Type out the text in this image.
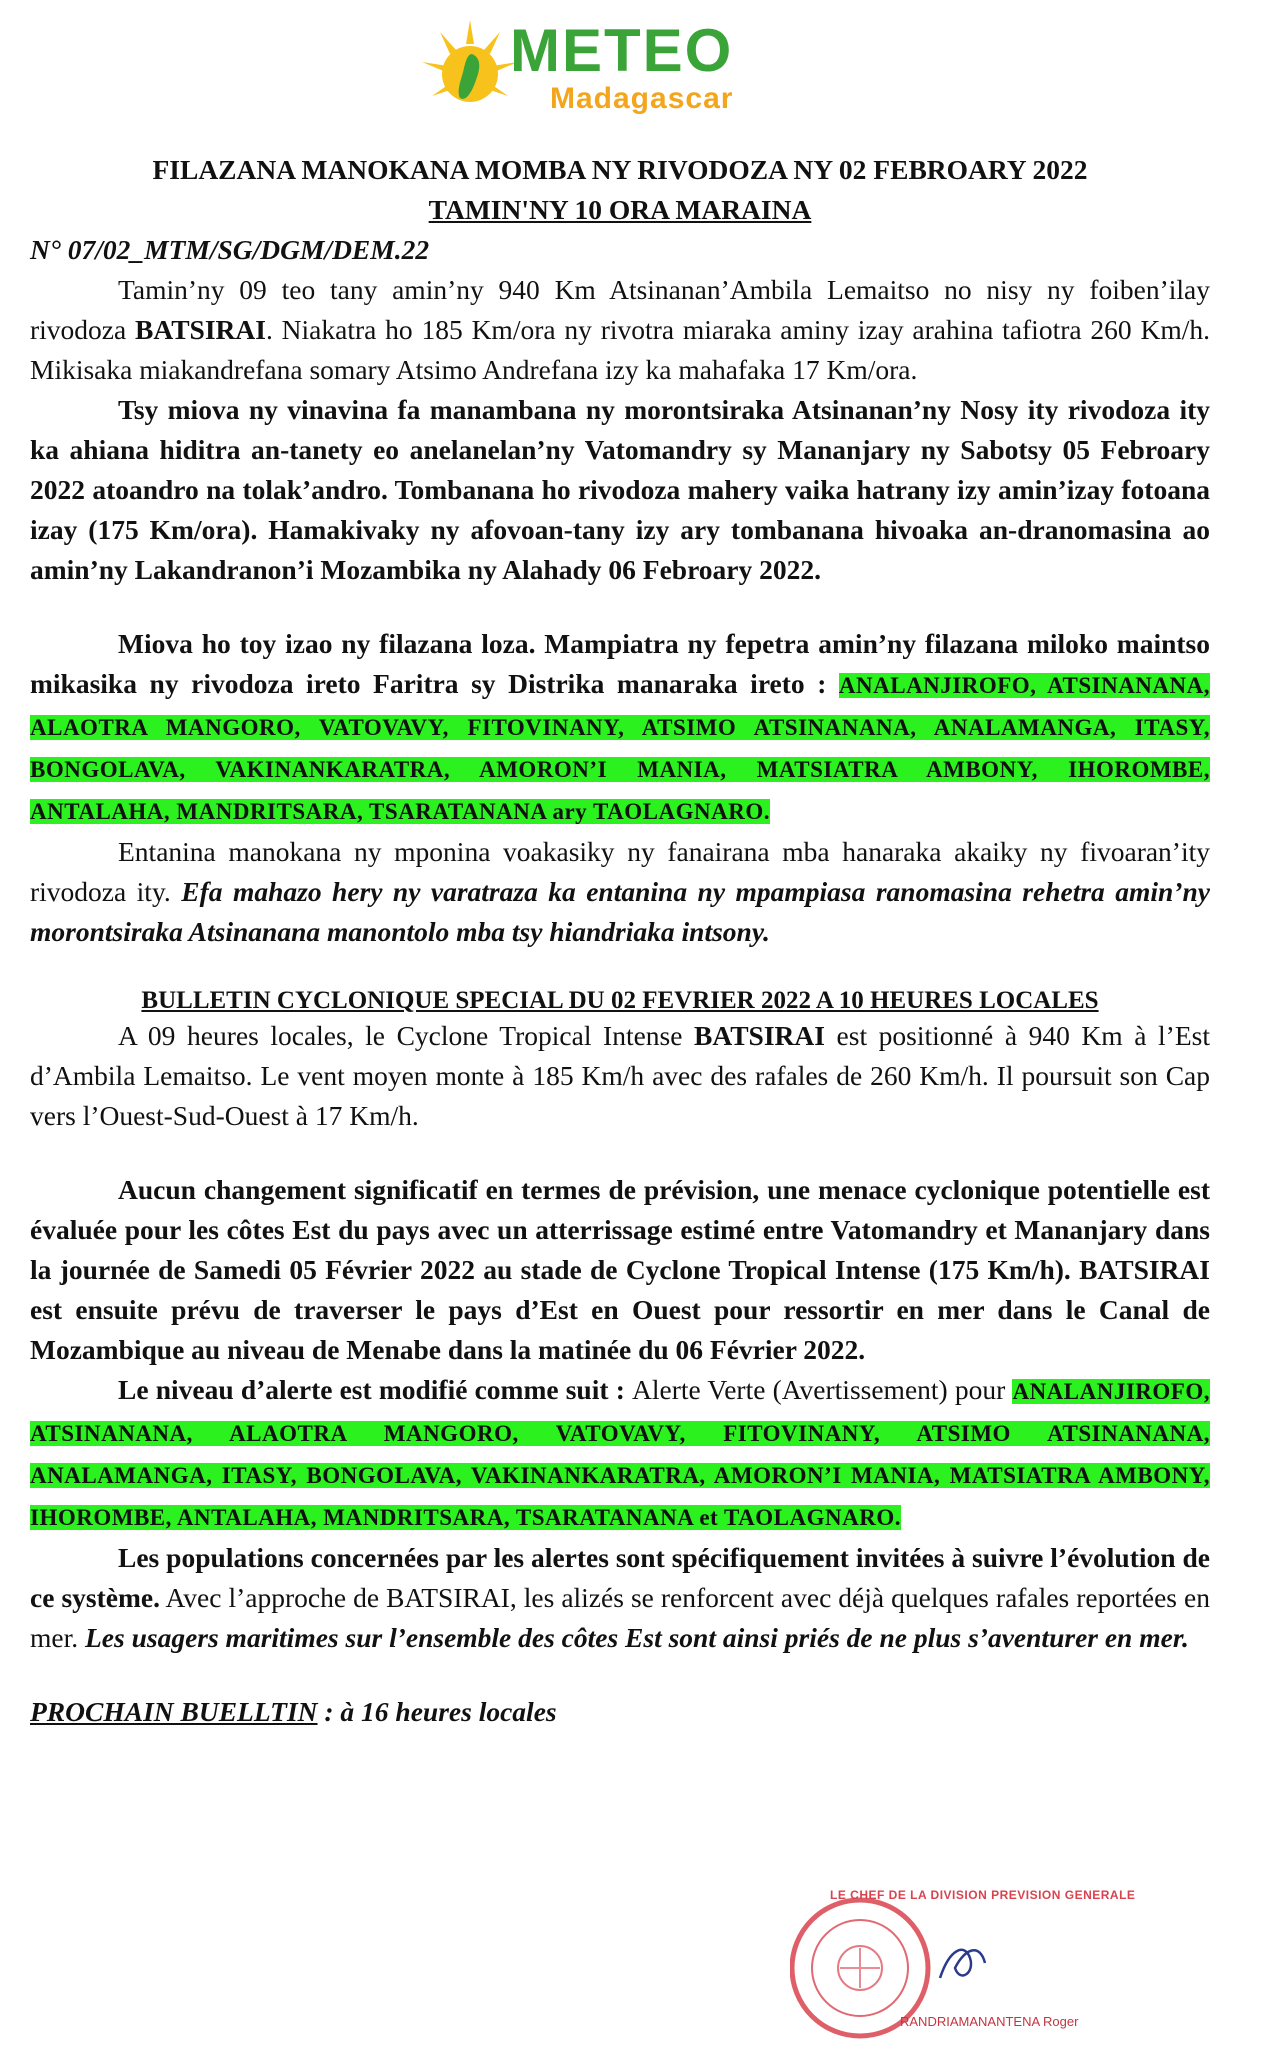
METEO
Madagascar
FILAZANA MANOKANA MOMBA NY RIVODOZA NY 02 FEBROARY 2022
TAMIN'NY 10 ORA MARAINA
N° 07/02_MTM/SG/DGM/DEM.22

Tamin’ny 09 teo tany amin’ny 940 Km Atsinanan’Ambila Lemaitso no nisy ny foiben’ilay rivodoza BATSIRAI. Niakatra ho 185 Km/ora ny rivotra miaraka aminy izay arahina tafiotra 260 Km/h. Mikisaka miakandrefana somary Atsimo Andrefana izy ka mahafaka 17 Km/ora.

Tsy miova ny vinavina fa manambana ny morontsiraka Atsinanan’ny Nosy ity rivodoza ity ka ahiana hiditra an-tanety eo anelanelan’ny Vatomandry sy Mananjary ny Sabotsy 05 Febroary 2022 atoandro na tolak’andro. Tombanana ho rivodoza mahery vaika hatrany izy amin’izay fotoana izay (175 Km/ora). Hamakivaky ny afovoan-tany izy ary tombanana hivoaka an-dranomasina ao amin’ny Lakandranon’i Mozambika ny Alahady 06 Febroary 2022.

Miova ho toy izao ny filazana loza. Mampiatra ny fepetra amin’ny filazana miloko maintso mikasika ny rivodoza ireto Faritra sy Distrika manaraka ireto : ANALANJIROFO, ATSINANANA, ALAOTRA MANGORO, VATOVAVY, FITOVINANY, ATSIMO ATSINANANA, ANALAMANGA, ITASY, BONGOLAVA, VAKINANKARATRA, AMORON’I MANIA, MATSIATRA AMBONY, IHOROMBE, ANTALAHA, MANDRITSARA, TSARATANANA ary TAOLAGNARO.

Entanina manokana ny mponina voakasiky ny fanairana mba hanaraka akaiky ny fivoaran’ity rivodoza ity. Efa mahazo hery ny varatraza ka entanina ny mpampiasa ranomasina rehetra amin’ny morontsiraka Atsinanana manontolo mba tsy hiandriaka intsony.

BULLETIN CYCLONIQUE SPECIAL DU 02 FEVRIER 2022 A 10 HEURES LOCALES

A 09 heures locales, le Cyclone Tropical Intense BATSIRAI est positionné à 940 Km à l’Est d’Ambila Lemaitso. Le vent moyen monte à 185 Km/h avec des rafales de 260 Km/h. Il poursuit son Cap vers l’Ouest-Sud-Ouest à 17 Km/h.

Aucun changement significatif en termes de prévision, une menace cyclonique potentielle est évaluée pour les côtes Est du pays avec un atterrissage estimé entre Vatomandry et Mananjary dans la journée de Samedi 05 Février 2022 au stade de Cyclone Tropical Intense (175 Km/h). BATSIRAI est ensuite prévu de traverser le pays d’Est en Ouest pour ressortir en mer dans le Canal de Mozambique au niveau de Menabe dans la matinée du 06 Février 2022.

Le niveau d’alerte est modifié comme suit : Alerte Verte (Avertissement) pour ANALANJIROFO, ATSINANANA, ALAOTRA MANGORO, VATOVAVY, FITOVINANY, ATSIMO ATSINANANA, ANALAMANGA, ITASY, BONGOLAVA, VAKINANKARATRA, AMORON’I MANIA, MATSIATRA AMBONY, IHOROMBE, ANTALAHA, MANDRITSARA, TSARATANANA et TAOLAGNARO.

Les populations concernées par les alertes sont spécifiquement invitées à suivre l’évolution de ce système. Avec l’approche de BATSIRAI, les alizés se renforcent avec déjà quelques rafales reportées en mer. Les usagers maritimes sur l’ensemble des côtes Est sont ainsi priés de ne plus s’aventurer en mer.

PROCHAIN BUELLTIN : à 16 heures locales
LE CHEF DE LA DIVISION PREVISION GENERALE
RANDRIAMANANTENA Roger
